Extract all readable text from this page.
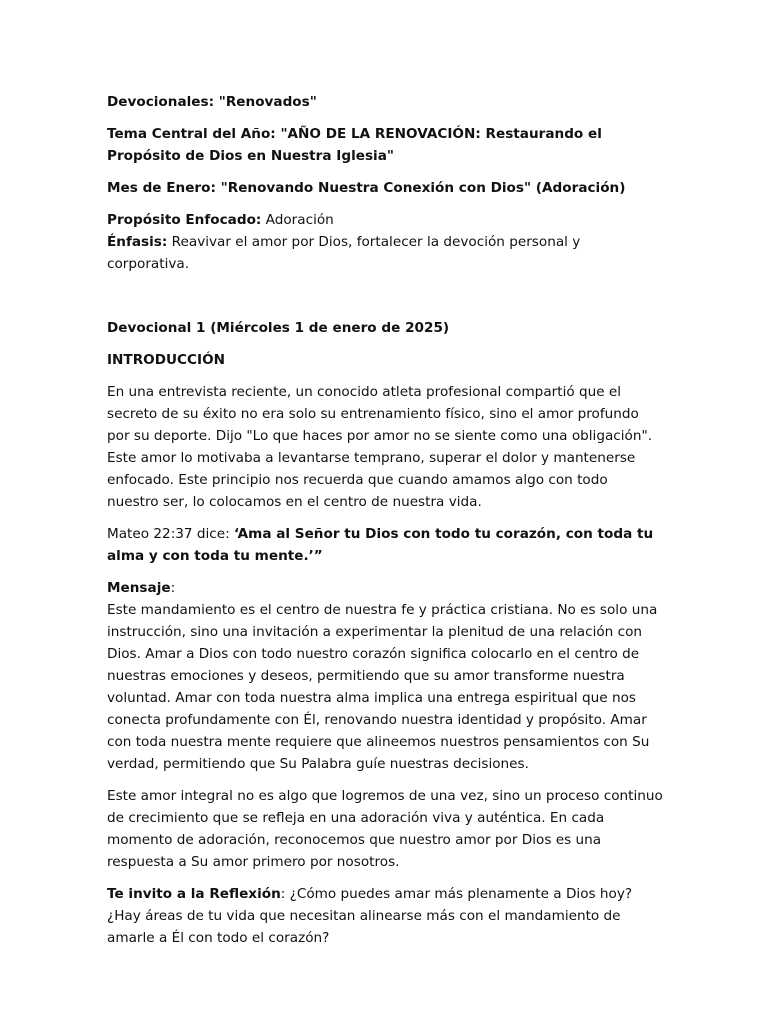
Devocionales: "Renovados"

Tema Central del Año: "AÑO DE LA RENOVACIÓN: Restaurando el Propósito de Dios en Nuestra Iglesia"

Mes de Enero: "Renovando Nuestra Conexión con Dios" (Adoración)

Propósito Enfocado: Adoración

Énfasis: Reavivar el amor por Dios, fortalecer la devoción personal y corporativa.

Devocional 1 (Miércoles 1 de enero de 2025)

INTRODUCCIÓN

En una entrevista reciente, un conocido atleta profesional compartió que el secreto de su éxito no era solo su entrenamiento físico, sino el amor profundo por su deporte. Dijo "Lo que haces por amor no se siente como una obligación". Este amor lo motivaba a levantarse temprano, superar el dolor y mantenerse enfocado. Este principio nos recuerda que cuando amamos algo con todo nuestro ser, lo colocamos en el centro de nuestra vida.

Mateo 22:37 dice: ‘Ama al Señor tu Dios con todo tu corazón, con toda tu alma y con toda tu mente.’”

Mensaje:

Este mandamiento es el centro de nuestra fe y práctica cristiana. No es solo una instrucción, sino una invitación a experimentar la plenitud de una relación con Dios. Amar a Dios con todo nuestro corazón significa colocarlo en el centro de nuestras emociones y deseos, permitiendo que su amor transforme nuestra voluntad. Amar con toda nuestra alma implica una entrega espiritual que nos conecta profundamente con Él, renovando nuestra identidad y propósito. Amar con toda nuestra mente requiere que alineemos nuestros pensamientos con Su verdad, permitiendo que Su Palabra guíe nuestras decisiones.

Este amor integral no es algo que logremos de una vez, sino un proceso continuo de crecimiento que se refleja en una adoración viva y auténtica. En cada momento de adoración, reconocemos que nuestro amor por Dios es una respuesta a Su amor primero por nosotros.

Te invito a la Reflexión: ¿Cómo puedes amar más plenamente a Dios hoy? ¿Hay áreas de tu vida que necesitan alinearse más con el mandamiento de amarle a Él con todo el corazón?
